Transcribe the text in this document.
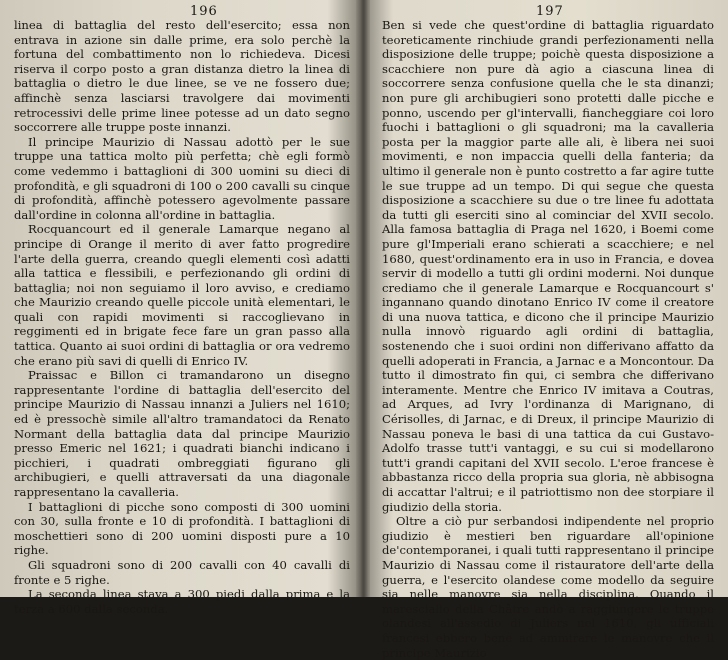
196

linea di battaglia del resto dell'esercito; essa non entrava in azione sin dalle prime, era solo perchè la fortuna del combattimento non lo richiedeva. Dicesi riserva il corpo posto a gran distanza dietro la linea di battaglia o dietro le due linee, se ve ne fossero due; affinchè senza lasciarsi travolgere dai movimenti retrocessivi delle prime linee potesse ad un dato segno soccorrere alle truppe poste innanzi.

Il principe Maurizio di Nassau adottò per le sue truppe una tattica molto più perfetta; chè egli formò come vedemmo i battaglioni di 300 uomini su dieci di profondità, e gli squadroni di 100 o 200 cavalli su cinque di profondità, affinchè potessero agevolmente passare dall'ordine in colonna all'ordine in battaglia.

Rocquancourt ed il generale Lamarque negano al principe di Orange il merito di aver fatto progredire l'arte della guerra, creando quegli elementi così adatti alla tattica e flessibili, e perfezionando gli ordini di battaglia; noi non seguiamo il loro avviso, e crediamo che Maurizio creando quelle piccole unità elementari, le quali con rapidi movimenti si raccoglievano in reggimenti ed in brigate fece fare un gran passo alla tattica. Quanto ai suoi ordini di battaglia or ora vedremo che erano più savi di quelli di Enrico IV.

Praissac e Billon ci tramandarono un disegno rappresentante l'ordine di battaglia dell'esercito del principe Maurizio di Nassau innanzi a Juliers nel 1610; ed è pressochè simile all'altro tramandatoci da Renato Normant della battaglia data dal principe Maurizio presso Emeric nel 1621; i quadrati bianchi indicano i picchieri, i quadrati ombreggiati figurano gli archibugieri, e quelli attraversati da una diagonale rappresentano la cavalleria.

I battaglioni di picche sono composti di 300 uomini con 30, sulla fronte e 10 di profondità. I battaglioni di moschettieri sono di 200 uomini disposti pure a 10 righe.

Gli squadroni sono di 200 cavalli con 40 cavalli di fronte e 5 righe.

La seconda linea stava a 300 piedi dalla prima e la terza a 600 dalla seconda.

197

Ben si vede che quest'ordine di battaglia riguardato teoreticamente rinchiude grandi perfezionamenti nella disposizione delle truppe; poichè questa disposizione a scacchiere non pure dà agio a ciascuna linea di soccorrere senza confusione quella che le sta dinanzi; non pure gli archibugieri sono protetti dalle picche e ponno, uscendo per gl'intervalli, fiancheggiare coi loro fuochi i battaglioni o gli squadroni; ma la cavalleria posta per la maggior parte alle ali, è libera nei suoi movimenti, e non impaccia quelli della fanteria; da ultimo il generale non è punto costretto a far agire tutte le sue truppe ad un tempo. Di qui segue che questa disposizione a scacchiere su due o tre linee fu adottata da tutti gli eserciti sino al cominciar del XVII secolo. Alla famosa battaglia di Praga nel 1620, i Boemi come pure gl'Imperiali erano schierati a scacchiere; e nel 1680, quest'ordinamento era in uso in Francia, e dovea servir di modello a tutti gli ordini moderni. Noi dunque crediamo che il generale Lamarque e Rocquancourt s' ingannano quando dinotano Enrico IV come il creatore di una nuova tattica, e dicono che il principe Maurizio nulla innovò riguardo agli ordini di battaglia, sostenendo che i suoi ordini non differivano affatto da quelli adoperati in Francia, a Jarnac e a Moncontour. Da tutto il dimostrato fin qui, ci sembra che differivano interamente. Mentre che Enrico IV imitava a Coutras, ad Arques, ad Ivry l'ordinanza di Marignano, di Cérisolles, di Jarnac, e di Dreux, il principe Maurizio di Nassau poneva le basi di una tattica da cui Gustavo-Adolfo trasse tutt'i vantaggi, e su cui si modellarono tutt'i grandi capitani del XVII secolo. L'eroe francese è abbastanza ricco della propria sua gloria, nè abbisogna di accattar l'altrui; e il patriottismo non dee storpiare il giudizio della storia.

Oltre a ciò pur serbandosi indipendente nel proprio giudizio è mestieri ben riguardare all'opinione de'contemporanei, i quali tutti rappresentano il principe Maurizio di Nassau come il ristauratore dell'arte della guerra, e l'esercito olandese come modello da seguire sia nelle manovre sia nella disciplina. Quando il maresciallo della Châtre andò a raggiungere le truppe olandesi all'assedio di Juliers nel 1610, gli ufficiali francesi ebbero bene ad ammirare le manovre che il principe Maurizio
